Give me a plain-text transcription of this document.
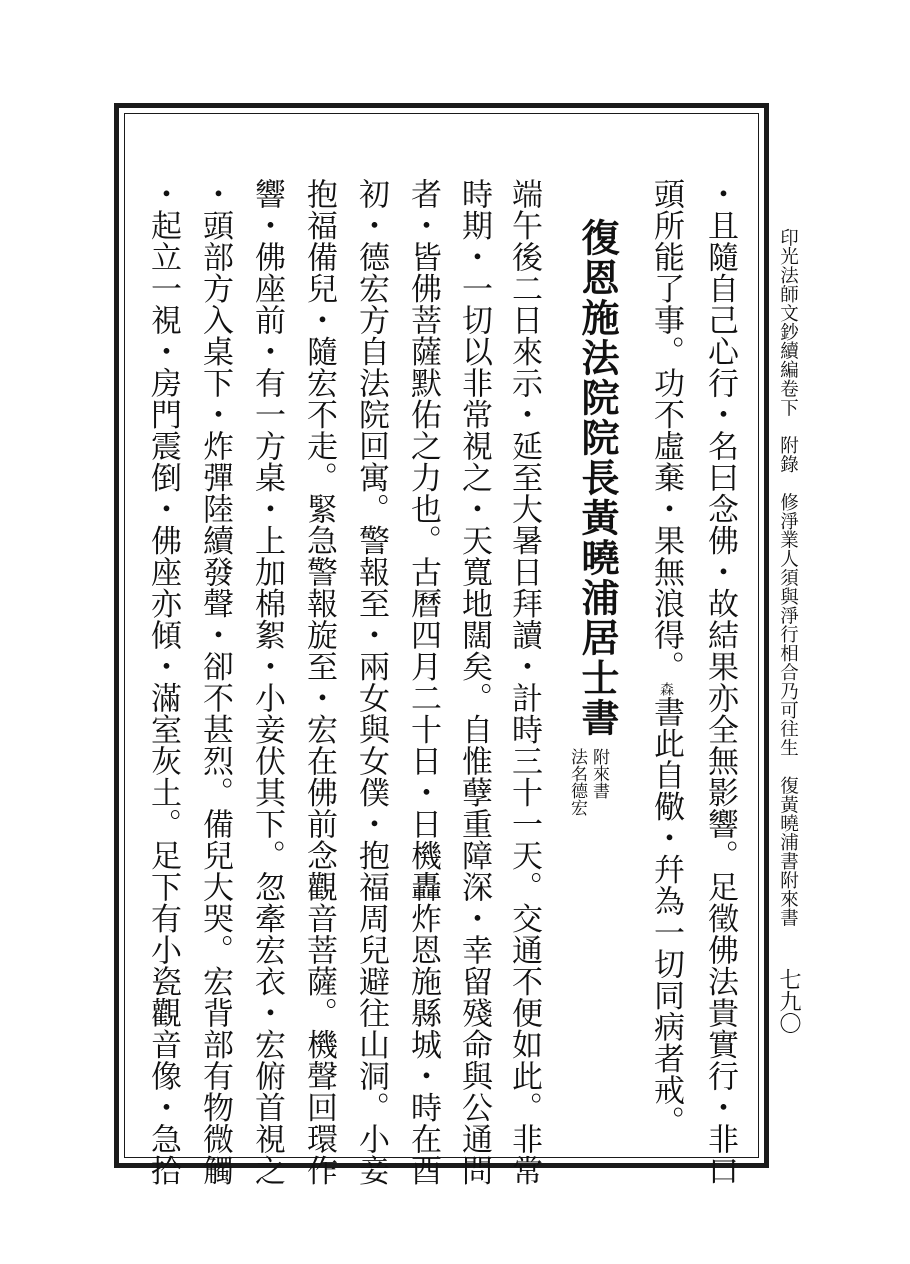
印光法師文鈔續編卷下　附錄　修淨業人須與淨行相合乃可往生　復黃曉浦書附來書
七九〇
・且隨自己心行・名曰念佛・故結果亦全無影響。足徵佛法貴實行・非口
頭所能了事。功不虛棄・果無浪得。森書此自儆・幷為一切同病者戒。
復恩施法院院長黃曉浦居士書
附來書
法名德宏
端午後二日來示・延至大暑日拜讀・計時三十一天。交通不便如此。非常
時期・一切以非常視之・天寬地闊矣。自惟孽重障深・幸留殘命與公通問
者・皆佛菩薩默佑之力也。古曆四月二十日・日機轟炸恩施縣城・時在酉
初・德宏方自法院回寓。警報至・兩女與女僕・抱福周兒避往山洞。小妾
抱福備兒・隨宏不走。緊急警報旋至・宏在佛前念觀音菩薩。機聲回環作
響・佛座前・有一方桌・上加棉絮・小妾伏其下。忽牽宏衣・宏俯首視之
・頭部方入桌下・炸彈陸續發聲・卻不甚烈。備兒大哭。宏背部有物微觸
・起立一視・房門震倒・佛座亦傾・滿室灰土。足下有小瓷觀音像・急拾
